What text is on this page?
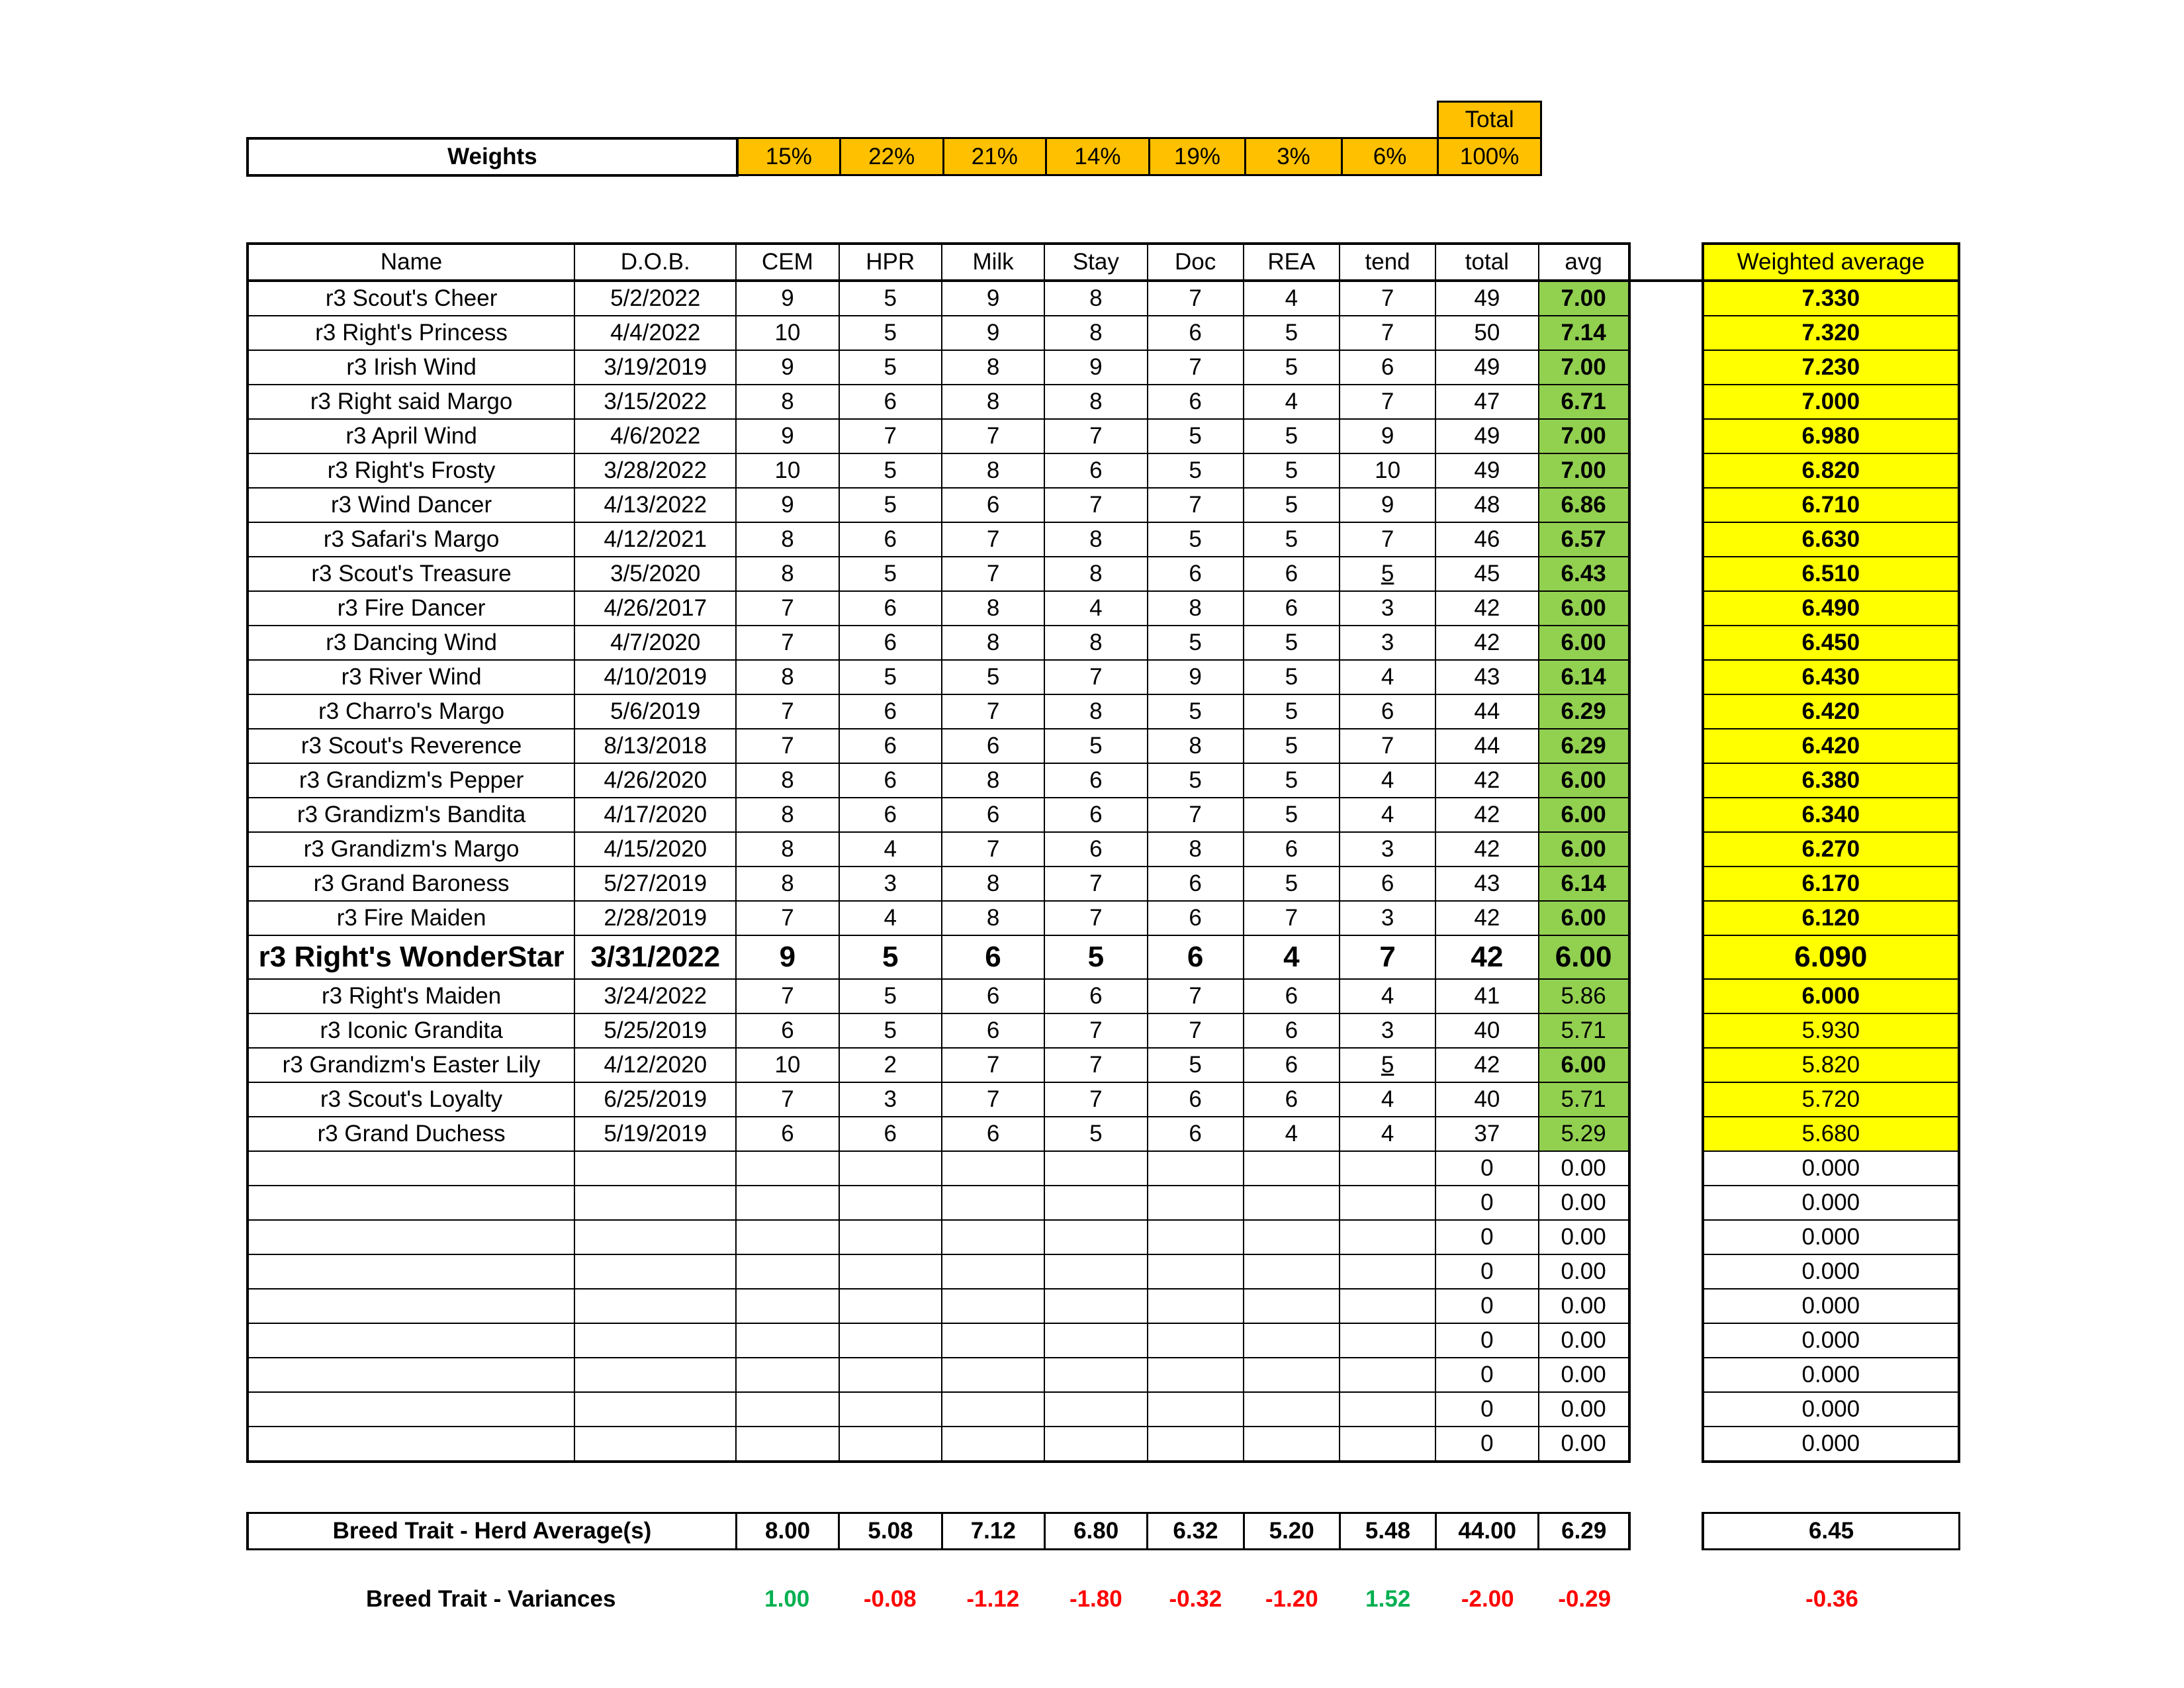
								Total
Weights	15%	22%	21%	14%	19%	3%	6%	100%
Name	D.O.B.	CEM	HPR	Milk	Stay	Doc	REA	tend	total	avg		Weighted average
r3 Scout's Cheer	5/2/2022	9	5	9	8	7	4	7	49	7.00		7.330
r3 Right's Princess	4/4/2022	10	5	9	8	6	5	7	50	7.14		7.320
r3 Irish Wind	3/19/2019	9	5	8	9	7	5	6	49	7.00		7.230
r3 Right said Margo	3/15/2022	8	6	8	8	6	4	7	47	6.71		7.000
r3 April Wind	4/6/2022	9	7	7	7	5	5	9	49	7.00		6.980
r3 Right's Frosty	3/28/2022	10	5	8	6	5	5	10	49	7.00		6.820
r3 Wind Dancer	4/13/2022	9	5	6	7	7	5	9	48	6.86		6.710
r3 Safari's Margo	4/12/2021	8	6	7	8	5	5	7	46	6.57		6.630
r3 Scout's Treasure	3/5/2020	8	5	7	8	6	6	5	45	6.43		6.510
r3 Fire Dancer	4/26/2017	7	6	8	4	8	6	3	42	6.00		6.490
r3 Dancing Wind	4/7/2020	7	6	8	8	5	5	3	42	6.00		6.450
r3 River Wind	4/10/2019	8	5	5	7	9	5	4	43	6.14		6.430
r3 Charro's Margo	5/6/2019	7	6	7	8	5	5	6	44	6.29		6.420
r3 Scout's Reverence	8/13/2018	7	6	6	5	8	5	7	44	6.29		6.420
r3 Grandizm's Pepper	4/26/2020	8	6	8	6	5	5	4	42	6.00		6.380
r3 Grandizm's Bandita	4/17/2020	8	6	6	6	7	5	4	42	6.00		6.340
r3 Grandizm's Margo	4/15/2020	8	4	7	6	8	6	3	42	6.00		6.270
r3 Grand Baroness	5/27/2019	8	3	8	7	6	5	6	43	6.14		6.170
r3 Fire Maiden	2/28/2019	7	4	8	7	6	7	3	42	6.00		6.120
r3 Right's WonderStar	3/31/2022	9	5	6	5	6	4	7	42	6.00		6.090
r3 Right's Maiden	3/24/2022	7	5	6	6	7	6	4	41	5.86		6.000
r3 Iconic Grandita	5/25/2019	6	5	6	7	7	6	3	40	5.71		5.930
r3 Grandizm's Easter Lily	4/12/2020	10	2	7	7	5	6	5	42	6.00		5.820
r3 Scout's Loyalty	6/25/2019	7	3	7	7	6	6	4	40	5.71		5.720
r3 Grand Duchess	5/19/2019	6	6	6	5	6	4	4	37	5.29		5.680
									0	0.00		0.000
									0	0.00		0.000
									0	0.00		0.000
									0	0.00		0.000
									0	0.00		0.000
									0	0.00		0.000
									0	0.00		0.000
									0	0.00		0.000
									0	0.00		0.000
Breed Trait - Herd Average(s)	8.00	5.08	7.12	6.80	6.32	5.20	5.48	44.00	6.29		6.45
Breed Trait - Variances	1.00	-0.08	-1.12	-1.80	-0.32	-1.20	1.52	-2.00	-0.29		-0.36
